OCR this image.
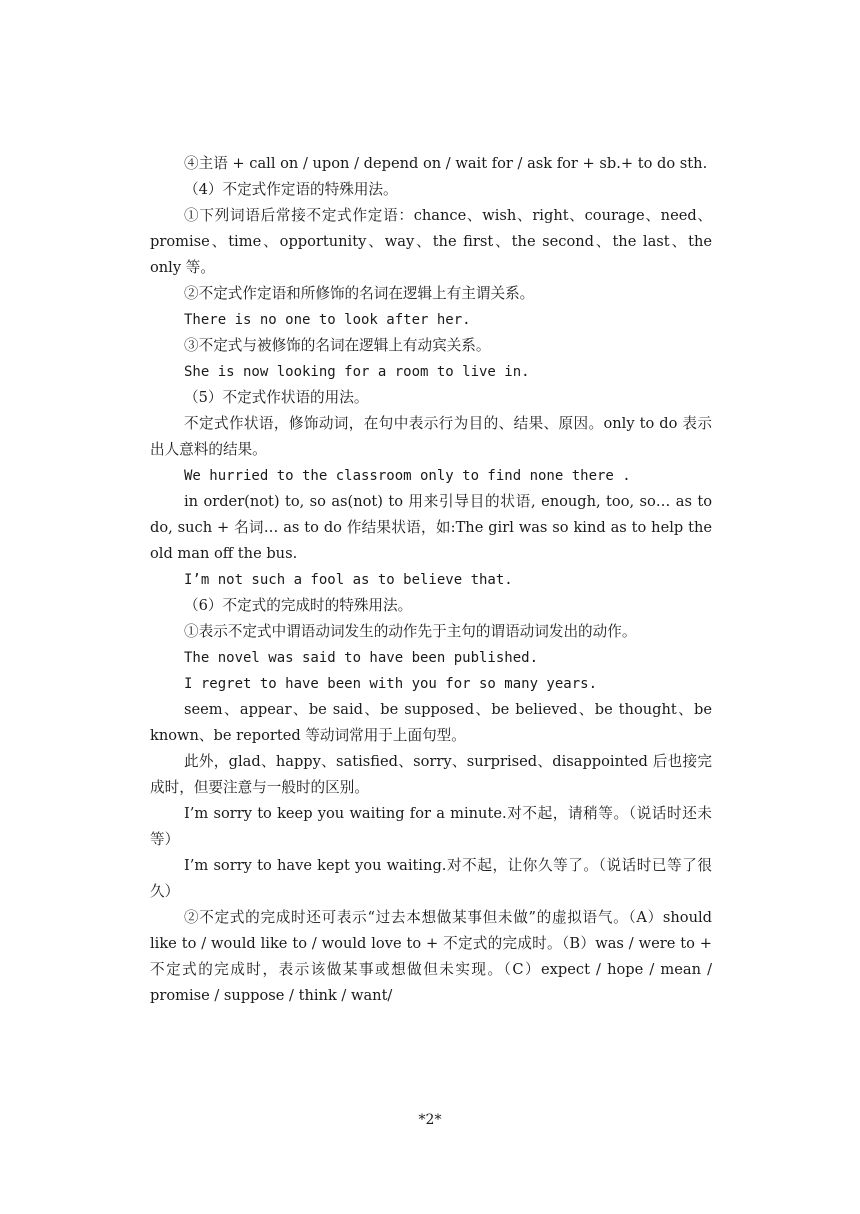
④主语 + call on / upon / depend on / wait for / ask for + sb.+ to do sth.

（4）不定式作定语的特殊用法。

①下列词语后常接不定式作定语：chance、wish、right、courage、need、promise、time、opportunity、way、the first、the second、the last、the only 等。

②不定式作定语和所修饰的名词在逻辑上有主谓关系。

There is no one to look after her.

③不定式与被修饰的名词在逻辑上有动宾关系。

She is now looking for a room to live in.

（5）不定式作状语的用法。

不定式作状语，修饰动词，在句中表示行为目的、结果、原因。only to do 表示出人意料的结果。

We hurried to the classroom only to find none there .

in order(not) to, so as(not) to 用来引导目的状语, enough, too, so… as to do, such + 名词… as to do 作结果状语，如:The girl was so kind as to help the old man off the bus.

I’m not such a fool as to believe that.

（6）不定式的完成时的特殊用法。

①表示不定式中谓语动词发生的动作先于主句的谓语动词发出的动作。

The novel was said to have been published.

I regret to have been with you for so many years.

seem、appear、be said、be supposed、be believed、be thought、be known、be reported 等动词常用于上面句型。

此外，glad、happy、satisfied、sorry、surprised、disappointed 后也接完成时，但要注意与一般时的区别。

I’m sorry to keep you waiting for a minute.对不起，请稍等。（说话时还未等）

I’m sorry to have kept you waiting.对不起，让你久等了。（说话时已等了很久）

②不定式的完成时还可表示“过去本想做某事但未做”的虚拟语气。（A）should like to / would like to / would love to + 不定式的完成时。（B）was / were to + 不定式的完成时，表示该做某事或想做但未实现。（C）expect / hope / mean / promise / suppose / think / want/

*2*
